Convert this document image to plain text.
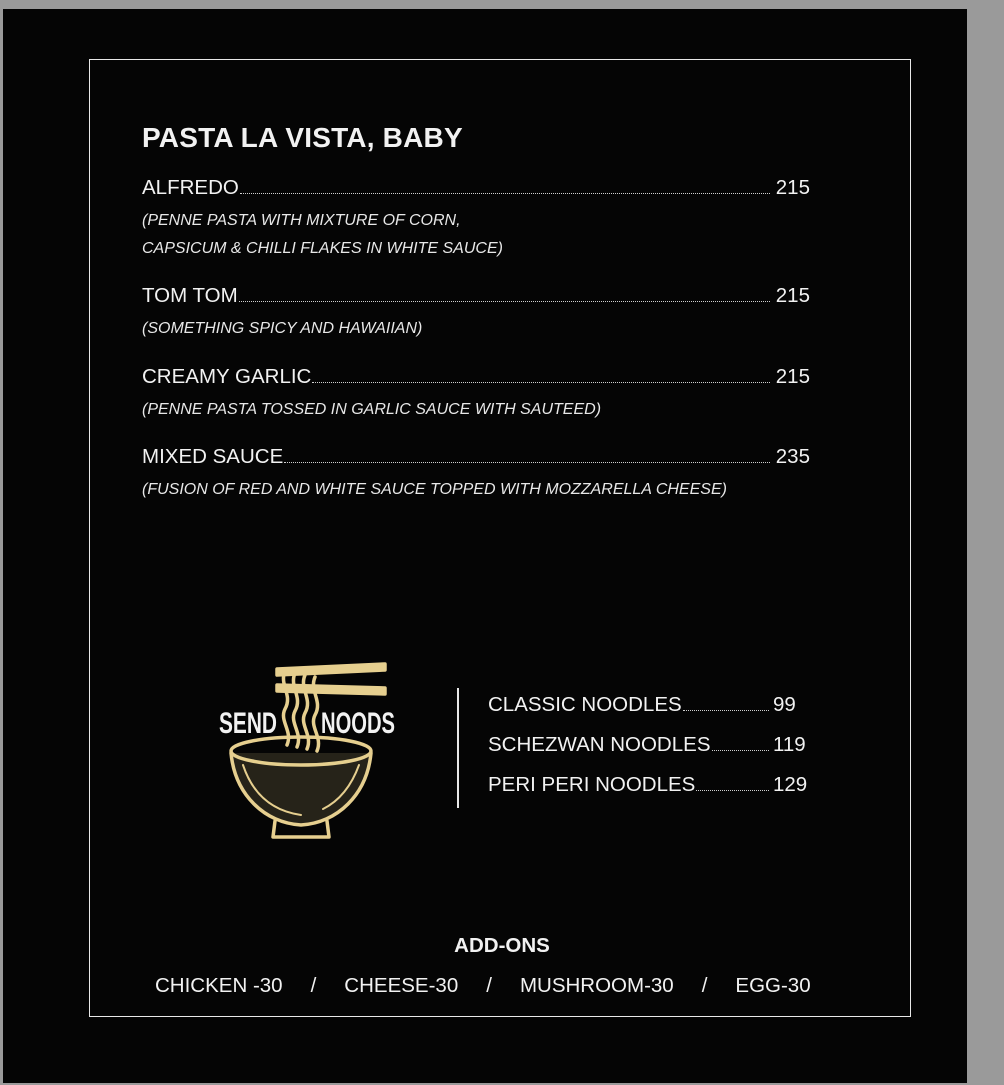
PASTA LA VISTA, BABY
ALFREDO	215
(PENNE PASTA WITH MIXTURE OF CORN,
CAPSICUM & CHILLI FLAKES IN WHITE SAUCE)
TOM TOM	215
(SOMETHING SPICY AND HAWAIIAN)
CREAMY GARLIC	215
(PENNE PASTA TOSSED IN GARLIC SAUCE WITH SAUTEED)
MIXED SAUCE	235
(FUSION OF RED AND WHITE SAUCE TOPPED WITH MOZZARELLA CHEESE)
SEND NOODS
CLASSIC NOODLES	99
SCHEZWAN NOODLES	119
PERI PERI NOODLES	129
ADD-ONS
CHICKEN -30 / CHEESE-30 / MUSHROOM-30 / EGG-30
